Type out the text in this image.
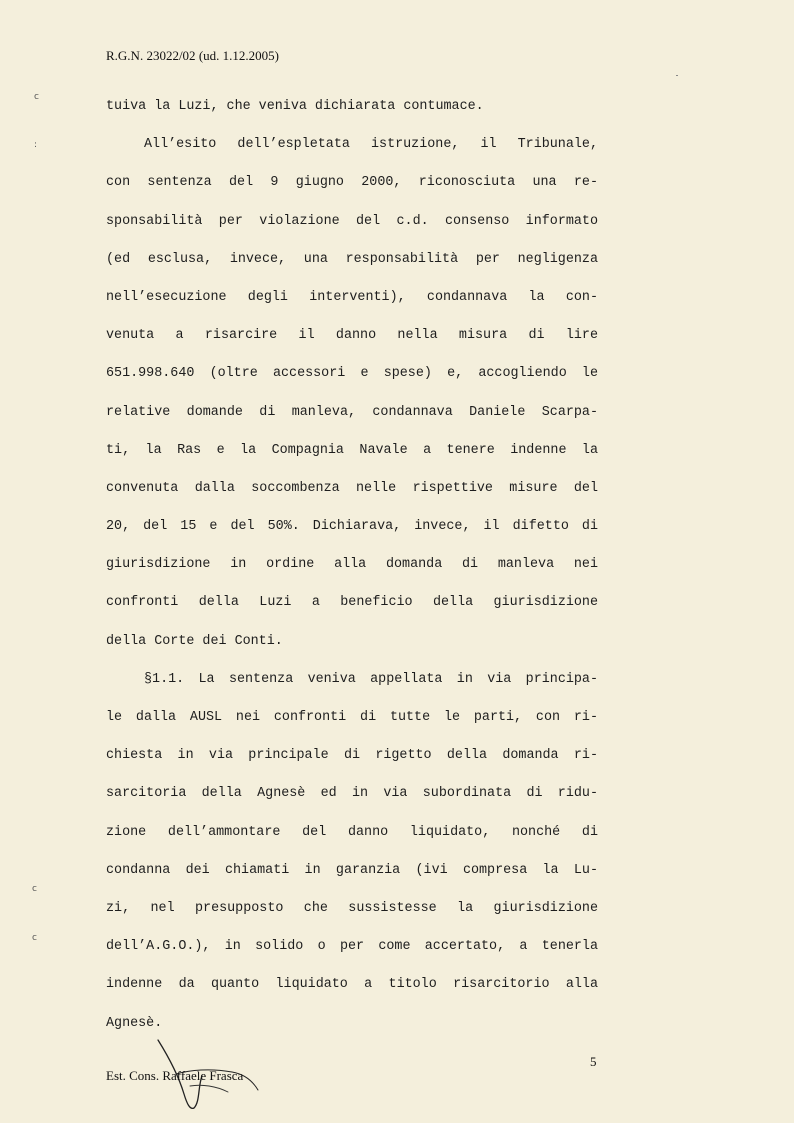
R.G.N. 23022/02 (ud. 1.12.2005)
c
:
c
c
tuiva la Luzi, che veniva dichiarata contumace.
All’esito dell’espletata istruzione, il Tribunale,
con sentenza del 9 giugno 2000, riconosciuta una re-
sponsabilità per violazione del c.d. consenso informato
(ed esclusa, invece, una responsabilità per negligenza
nell’esecuzione degli interventi), condannava la con-
venuta a risarcire il danno nella misura di lire
651.998.640 (oltre accessori e spese) e, accogliendo le
relative domande di manleva, condannava Daniele Scarpa-
ti, la Ras e la Compagnia Navale a tenere indenne la
convenuta dalla soccombenza nelle rispettive misure del
20, del 15 e del 50%. Dichiarava, invece, il difetto di
giurisdizione in ordine alla domanda di manleva nei
confronti della Luzi a beneficio della giurisdizione
della Corte dei Conti.
§1.1. La sentenza veniva appellata in via principa-
le dalla AUSL nei confronti di tutte le parti, con ri-
chiesta in via principale di rigetto della domanda ri-
sarcitoria della Agnesè ed in via subordinata di ridu-
zione dell’ammontare del danno liquidato, nonché di
condanna dei chiamati in garanzia (ivi compresa la Lu-
zi, nel presupposto che sussistesse la giurisdizione
dell’A.G.O.), in solido o per come accertato, a tenerla
indenne da quanto liquidato a titolo risarcitorio alla
Agnesè.
Est. Cons. Raffaele Frasca
5
